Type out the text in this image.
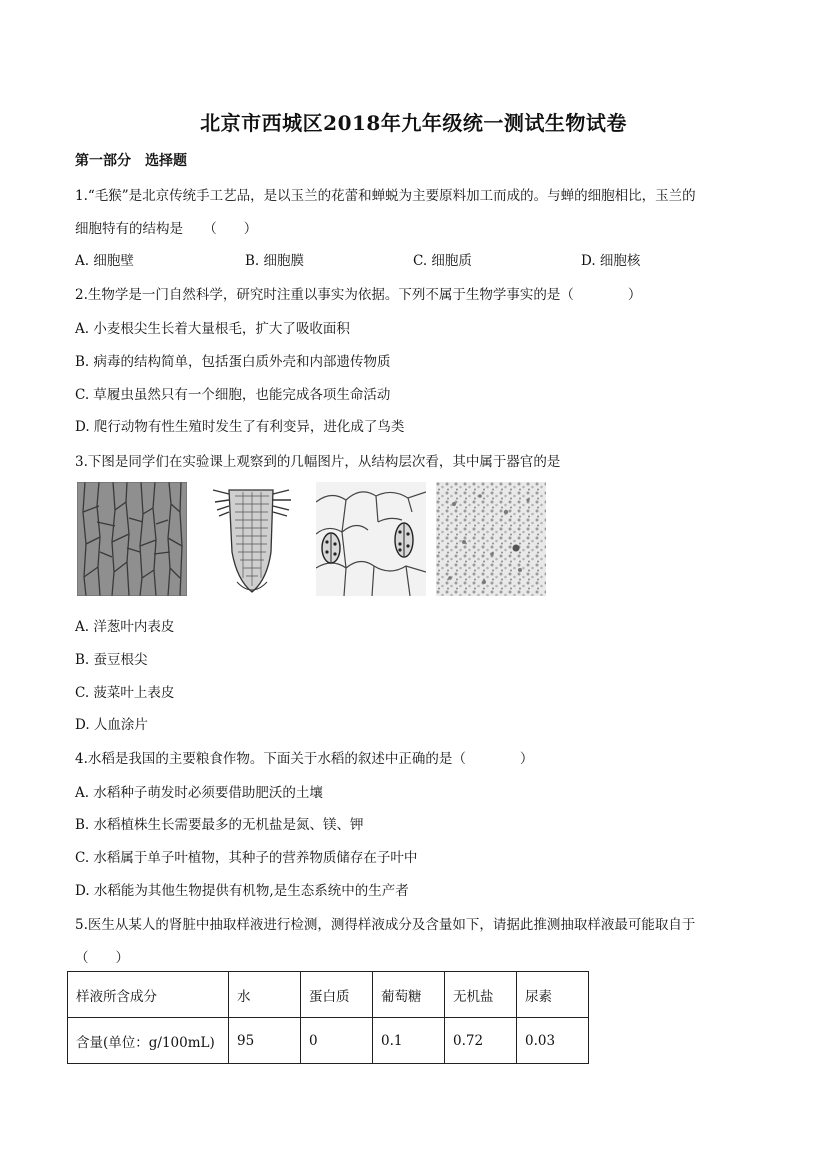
北京市西城区2018年九年级统一测试生物试卷
第一部分　选择题
1.“毛猴”是北京传统手工艺品，是以玉兰的花蕾和蝉蜕为主要原料加工而成的。与蝉的细胞相比，玉兰的
细胞特有的结构是　　（　　）
A. 细胞壁	B. 细胞膜	C. 细胞质	D. 细胞核
2.生物学是一门自然科学，研究时注重以事实为依据。下列不属于生物学事实的是（　　　　）
A. 小麦根尖生长着大量根毛，扩大了吸收面积
B. 病毒的结构简单，包括蛋白质外壳和内部遗传物质
C. 草履虫虽然只有一个细胞，也能完成各项生命活动
D. 爬行动物有性生殖时发生了有利变异，进化成了鸟类
3.下图是同学们在实验课上观察到的几幅图片，从结构层次看，其中属于器官的是
A. 洋葱叶内表皮
B. 蚕豆根尖
C. 菠菜叶上表皮
D. 人血涂片
4.水稻是我国的主要粮食作物。下面关于水稻的叙述中正确的是（　　　　）
A. 水稻种子萌发时必须要借助肥沃的土壤
B. 水稻植株生长需要最多的无机盐是氮、镁、钾
C. 水稻属于单子叶植物，其种子的营养物质储存在子叶中
D. 水稻能为其他生物提供有机物,是生态系统中的生产者
5.医生从某人的肾脏中抽取样液进行检测，测得样液成分及含量如下，请据此推测抽取样液最可能取自于
（　　）
样液所含成分	水	蛋白质	葡萄糖	无机盐	尿素
含量(单位：g/100mL)	95	0	0.1	0.72	0.03
